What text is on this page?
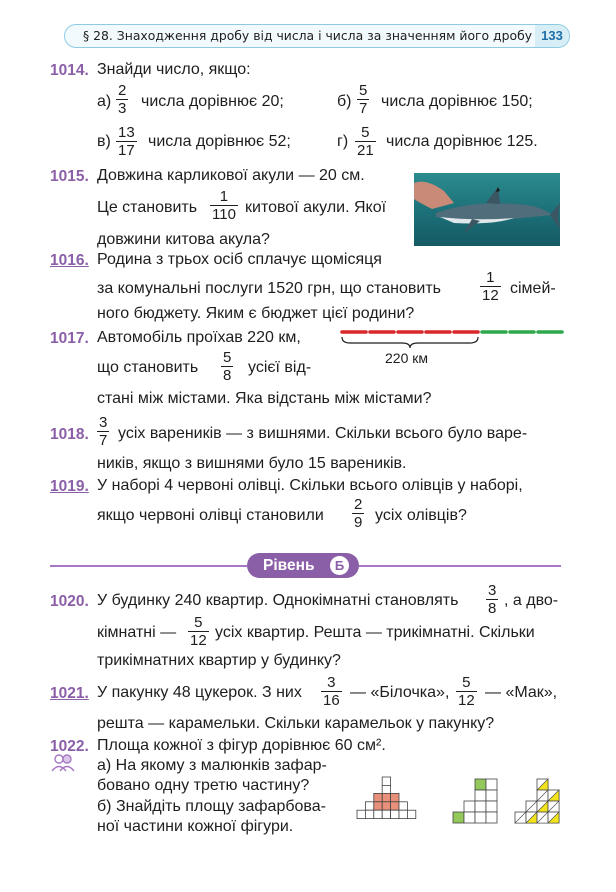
§ 28. Знаходження дробу від числа і числа за значенням його дробу 133
1014. Знайди число, якщо:
а)
2
3 числа дорівнює 20;	б)
5
7 числа дорівнює 150;
в)
13
17
числа дорівнює 52;	г)
5
21
числа дорівнює 125.
1015. Довжина карликової акули — 20 см.
Це становить
1
110 китової акули. Якої
довжини китова акула?
1016. Родина з трьох осіб сплачує щомісяця
за комунальні послуги 1520 грн, що становить
1
12 сімей-
ного бюджету. Яким є бюджет цієї родини?
1017. Автомобіль проїхав 220 км,
що становить
5
8 усієї від-
стані між містами. Яка відстань між містами?
220 км
1018.
3
7 усіх вареників — з вишнями. Скільки всього було варе-
ників, якщо з вишнями було 15 вареників.
1019. У наборі 4 червоні олівці. Скільки всього олівців у наборі,
якщо червоні олівці становили
2
9 усіх олівців?
Рівень	Б
1020. У будинку 240 квартир. Однокімнатні становлять
3
8 , а дво-
кімнатні —
5
12 усіх квартир. Решта — трикімнатні. Скільки
трикімнатних квартир у будинку?
1021. У пакунку 48 цукерок. З них
3
16 — «Білочка»,
5
12 — «Мак»,
решта — карамельки. Скільки карамельок у пакунку?
1022. Площа кожної з фігур дорівнює 60 см².
а) На якому з малюнків зафар-
бовано одну третю частину?
б) Знайдіть площу зафарбова-
ної частини кожної фігури.
